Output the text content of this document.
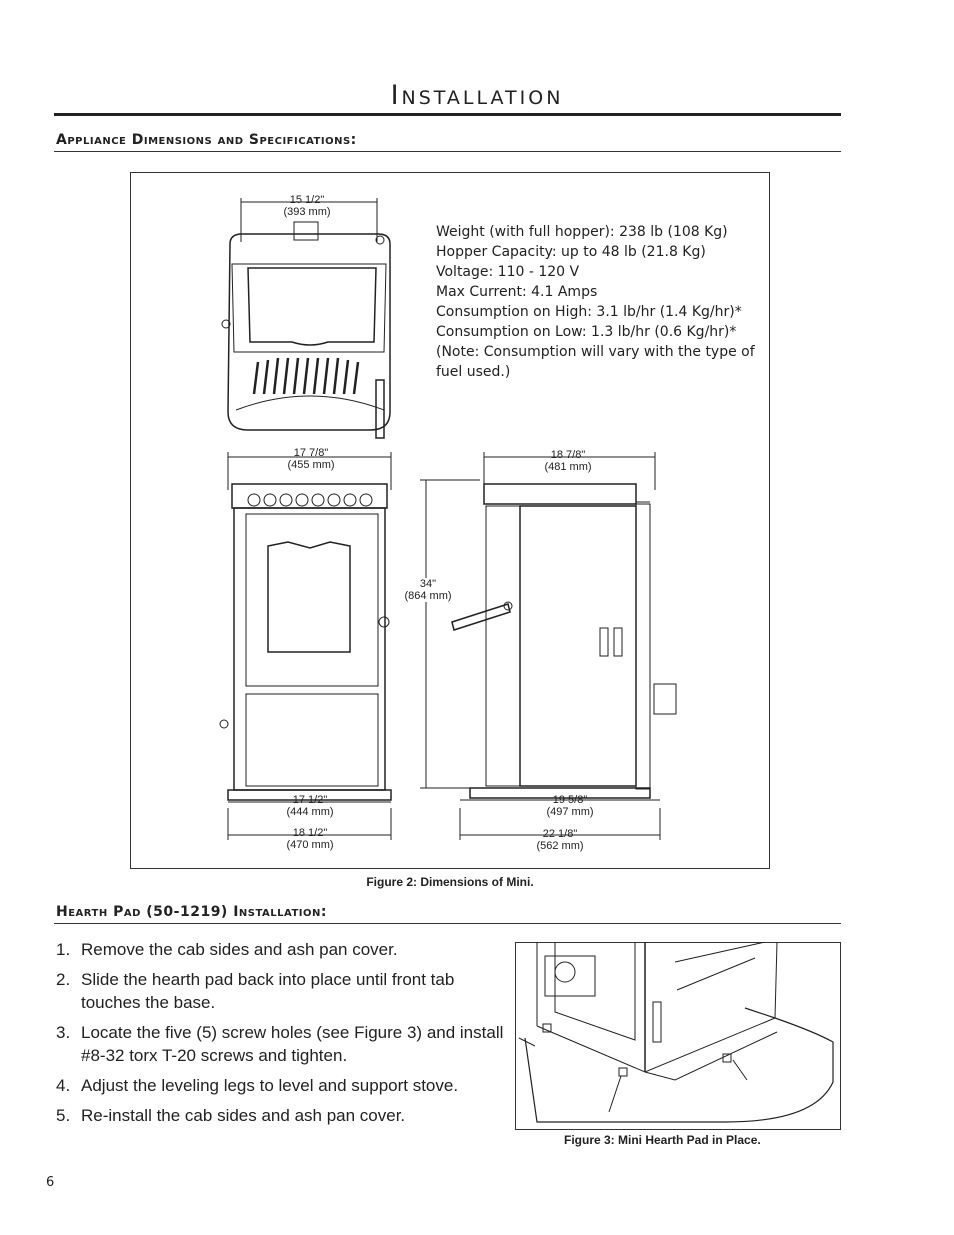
Installation
Appliance Dimensions and Specifications:
15 1/2"
(393 mm)
17 7/8"
(455 mm)
18 7/8"
(481 mm)
34"
(864 mm)
17 1/2"
(444 mm)
18 1/2"
(470 mm)
19 5/8"
(497 mm)
22 1/8"
(562 mm)
Weight (with full hopper): 238 lb (108 Kg)
Hopper Capacity: up to 48 lb (21.8 Kg)
Voltage: 110 - 120 V
Max Current: 4.1 Amps
Consumption on High: 3.1 lb/hr (1.4 Kg/hr)*
Consumption on Low: 1.3 lb/hr (0.6 Kg/hr)*
(Note: Consumption will vary with the type of fuel used.)
Figure 2: Dimensions of Mini.
Hearth Pad (50-1219) Installation:
1. Remove the cab sides and ash pan cover.
2. Slide the hearth pad back into place until front tab touches the base.
3. Locate the five (5) screw holes (see Figure 3) and install #8-32 torx T-20 screws and tighten.
4. Adjust the leveling legs to level and support stove.
5. Re-install the cab sides and ash pan cover.
Figure 3: Mini Hearth Pad in Place.
6
